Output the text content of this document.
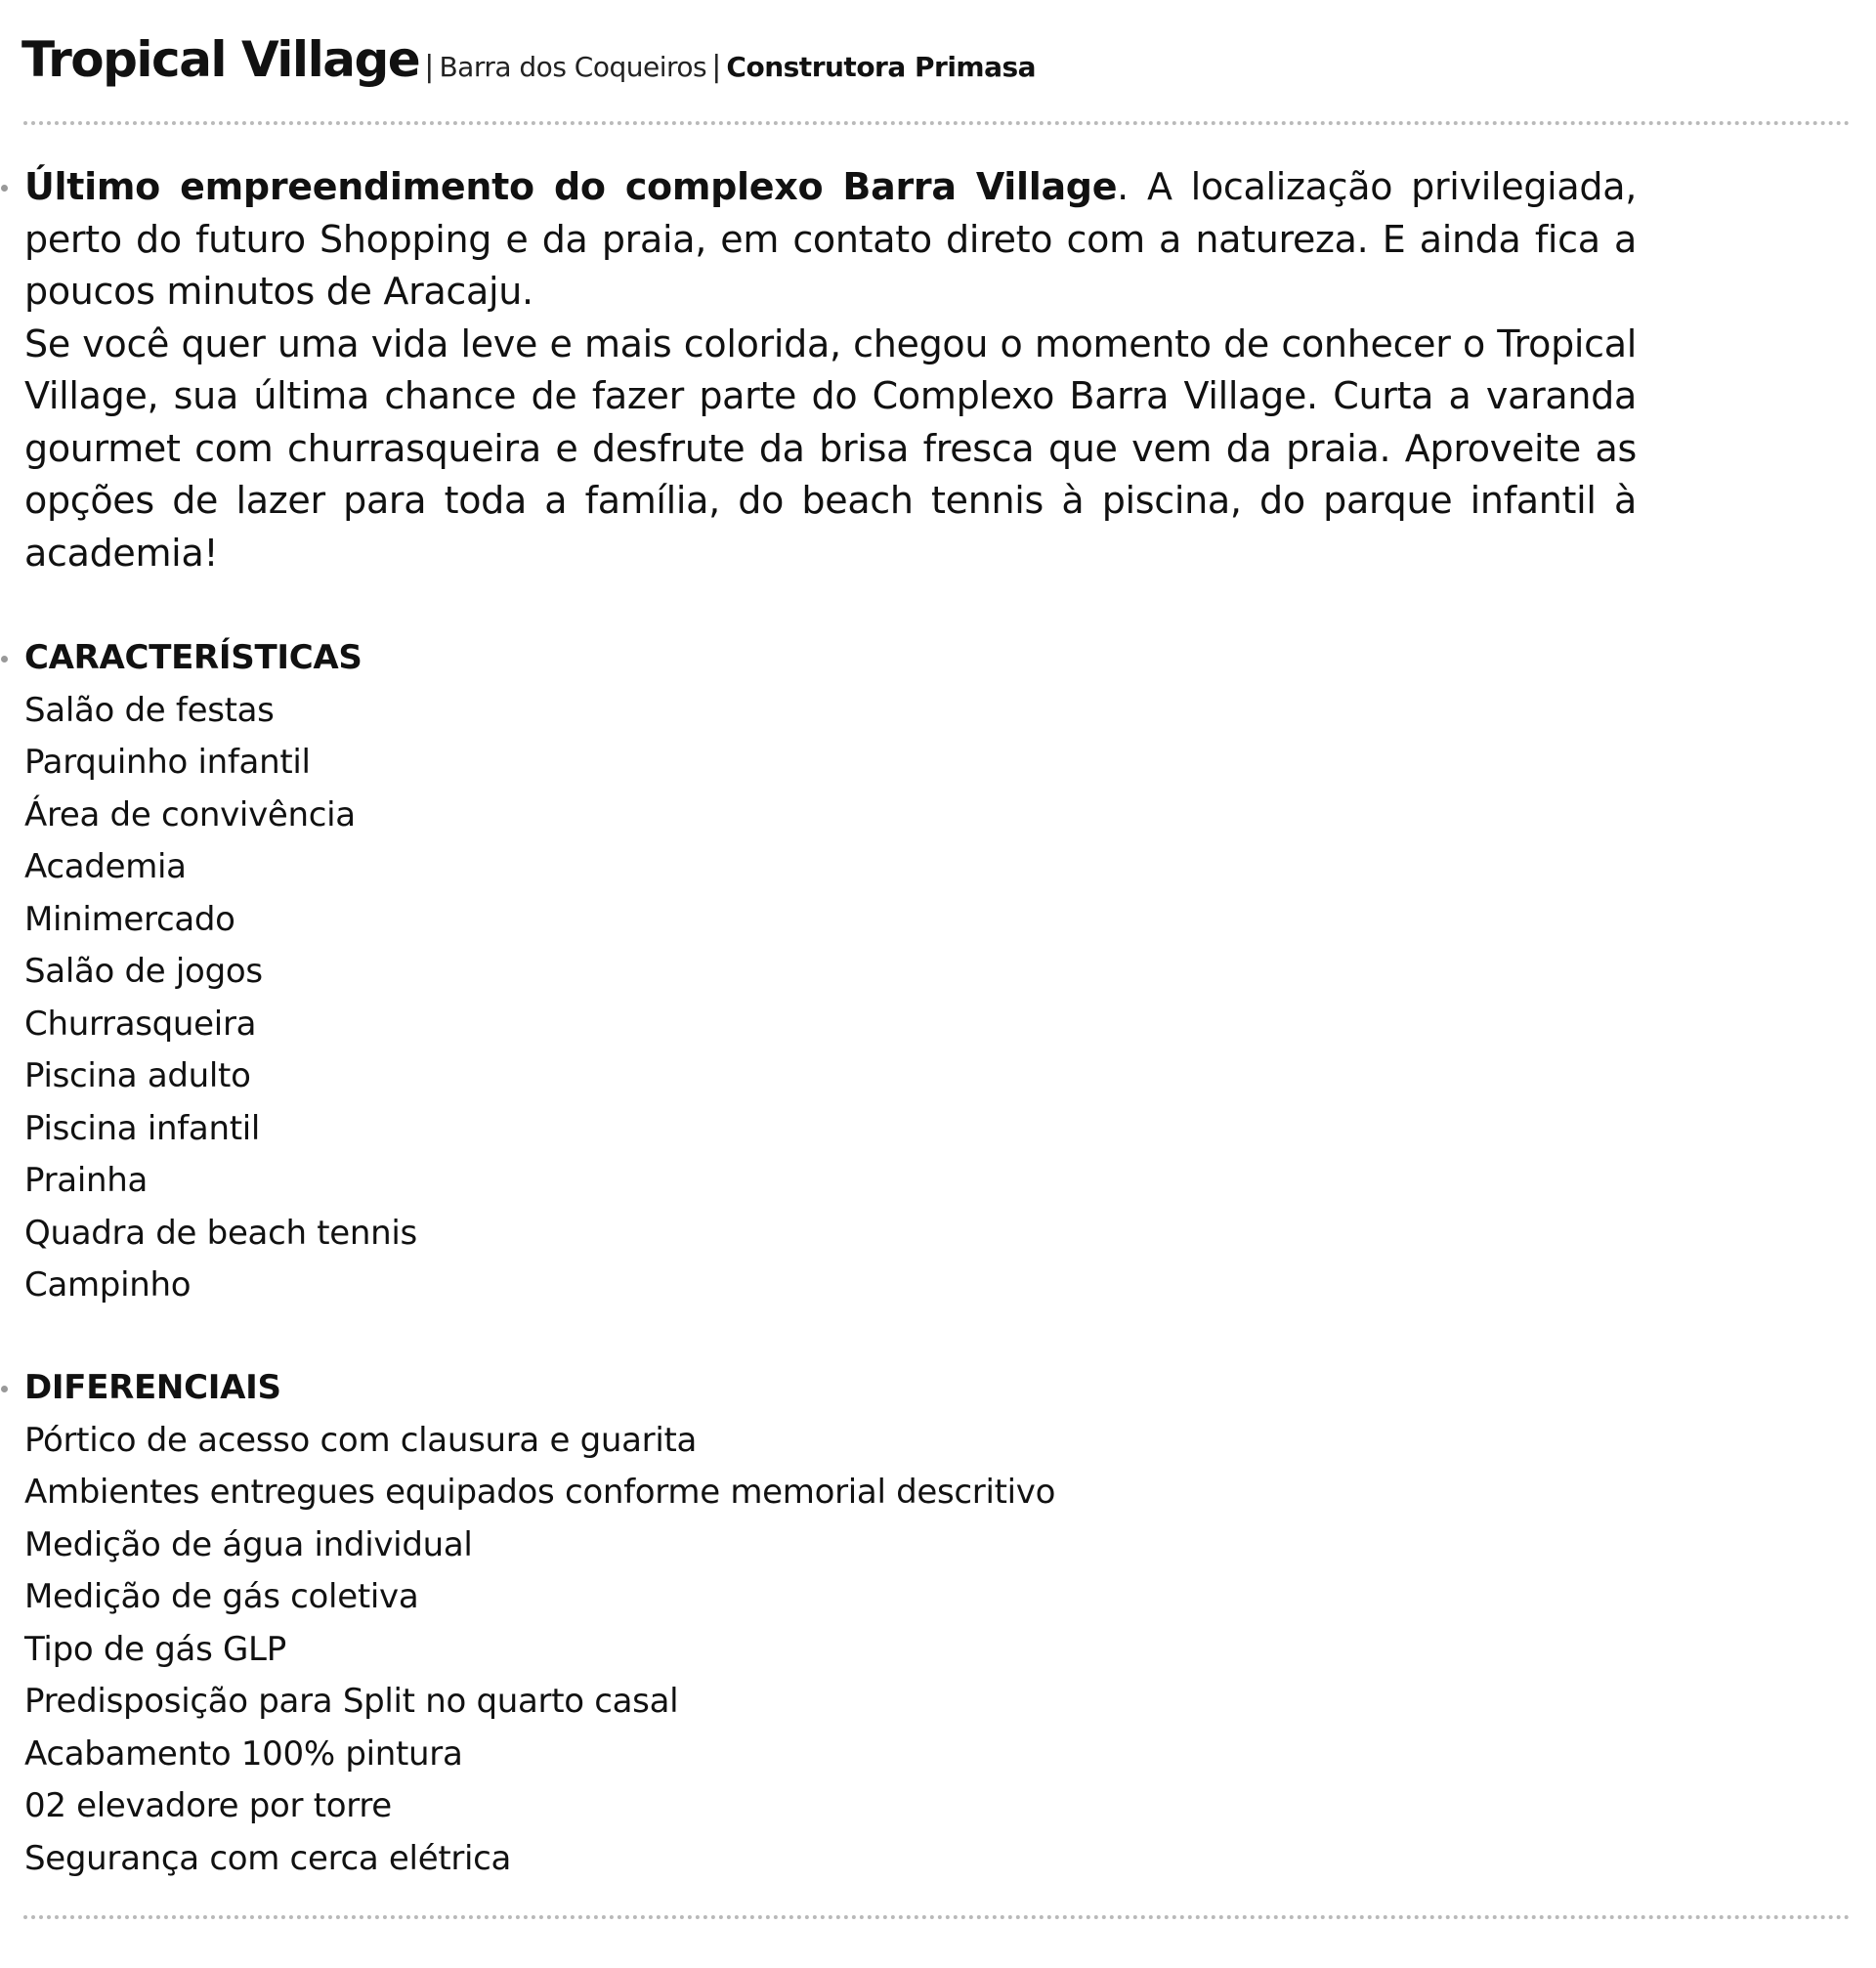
Tropical Village | Barra dos Coqueiros | Construtora Primasa

Último empreendimento do complexo Barra Village. A localização privilegiada, perto do futuro Shopping e da praia, em contato direto com a natureza. E ainda fica a poucos minutos de Aracaju.

Se você quer uma vida leve e mais colorida, chegou o momento de conhecer o Tropical Village, sua última chance de fazer parte do Complexo Barra Village. Curta a varanda gourmet com churrasqueira e desfrute da brisa fresca que vem da praia. Aproveite as opções de lazer para toda a família, do beach tennis à piscina, do parque infantil à academia!

CARACTERÍSTICAS
Salão de festas
Parquinho infantil
Área de convivência
Academia
Minimercado
Salão de jogos
Churrasqueira
Piscina adulto
Piscina infantil
Prainha
Quadra de beach tennis
Campinho
DIFERENCIAIS
Pórtico de acesso com clausura e guarita
Ambientes entregues equipados conforme memorial descritivo
Medição de água individual
Medição de gás coletiva
Tipo de gás GLP
Predisposição para Split no quarto casal
Acabamento 100% pintura
02 elevadore por torre
Segurança com cerca elétrica
